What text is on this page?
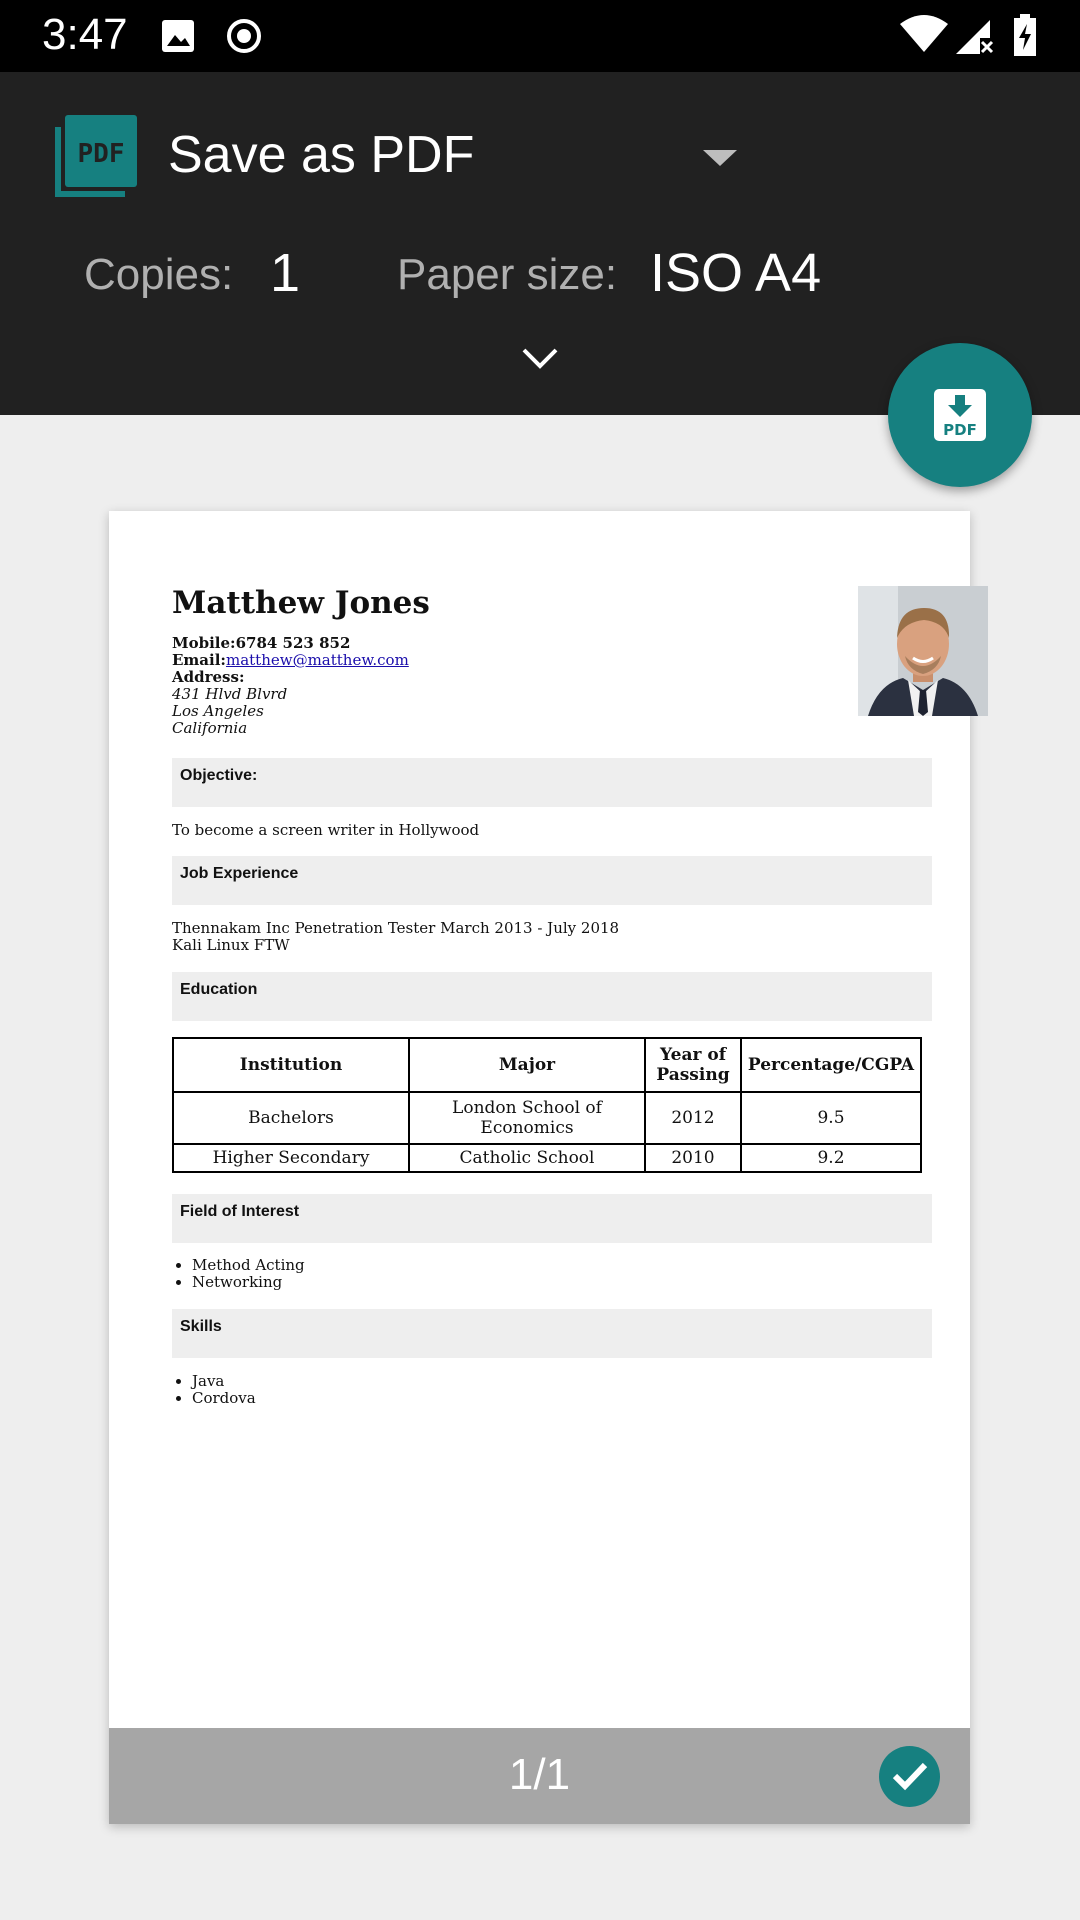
3:47
PDF Save as PDF
Copies: 1 Paper size: ISO A4
PDF
Matthew Jones
Mobile:6784 523 852
Email:matthew@matthew.com
Address:
431 Hlvd Blvrd
Los Angeles
California
Objective:
To become a screen writer in Hollywood
Job Experience
Thennakam Inc Penetration Tester March 2013 - July 2018
Kali Linux FTW
Education
Institution	Major	Year of Passing	Percentage/CGPA
Bachelors	London School of Economics	2012	9.5
Higher Secondary	Catholic School	2010	9.2
Field of Interest
• Method Acting
• Networking
Skills
• Java
• Cordova
1/1
